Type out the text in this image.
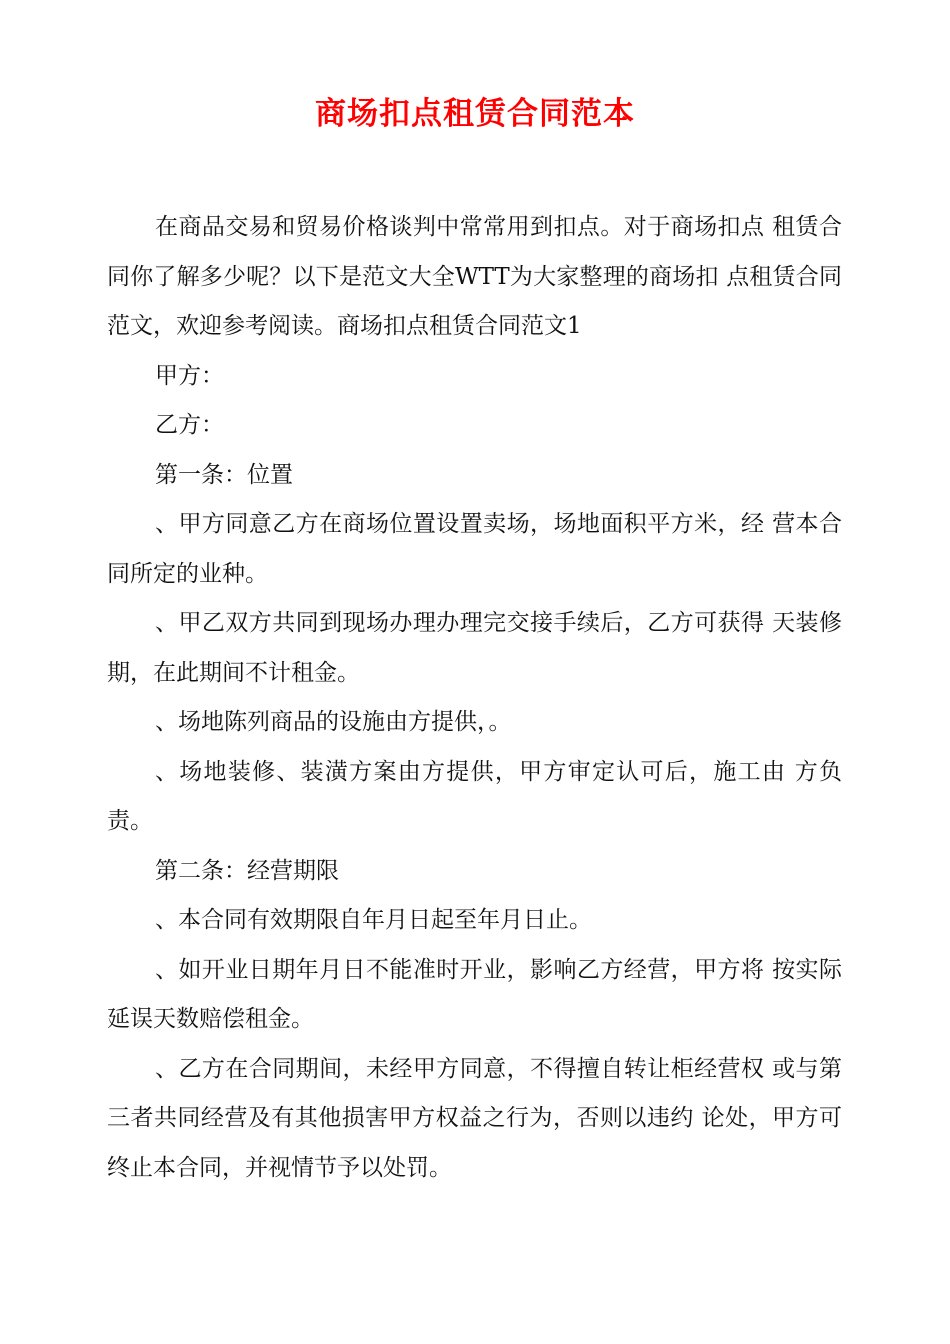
商场扣点租赁合同范本

在商品交易和贸易价格谈判中常常用到扣点。对于商场扣点 租赁合同你了解多少呢？以下是范文大全WTT为大家整理的商场扣 点租赁合同范文，欢迎参考阅读。商场扣点租赁合同范文1

甲方：

乙方：

第一条：位置

、甲方同意乙方在商场位置设置卖场，场地面积平方米，经 营本合同所定的业种。

、甲乙双方共同到现场办理办理完交接手续后，乙方可获得 天装修期，在此期间不计租金。

、场地陈列商品的设施由方提供，。

、场地装修、装潢方案由方提供，甲方审定认可后，施工由 方负责。

第二条：经营期限

、本合同有效期限自年月日起至年月日止。

、如开业日期年月日不能准时开业，影响乙方经营，甲方将 按实际延误天数赔偿租金。

、乙方在合同期间，未经甲方同意，不得擅自转让柜经营权 或与第三者共同经营及有其他损害甲方权益之行为，否则以违约 论处，甲方可终止本合同，并视情节予以处罚。
